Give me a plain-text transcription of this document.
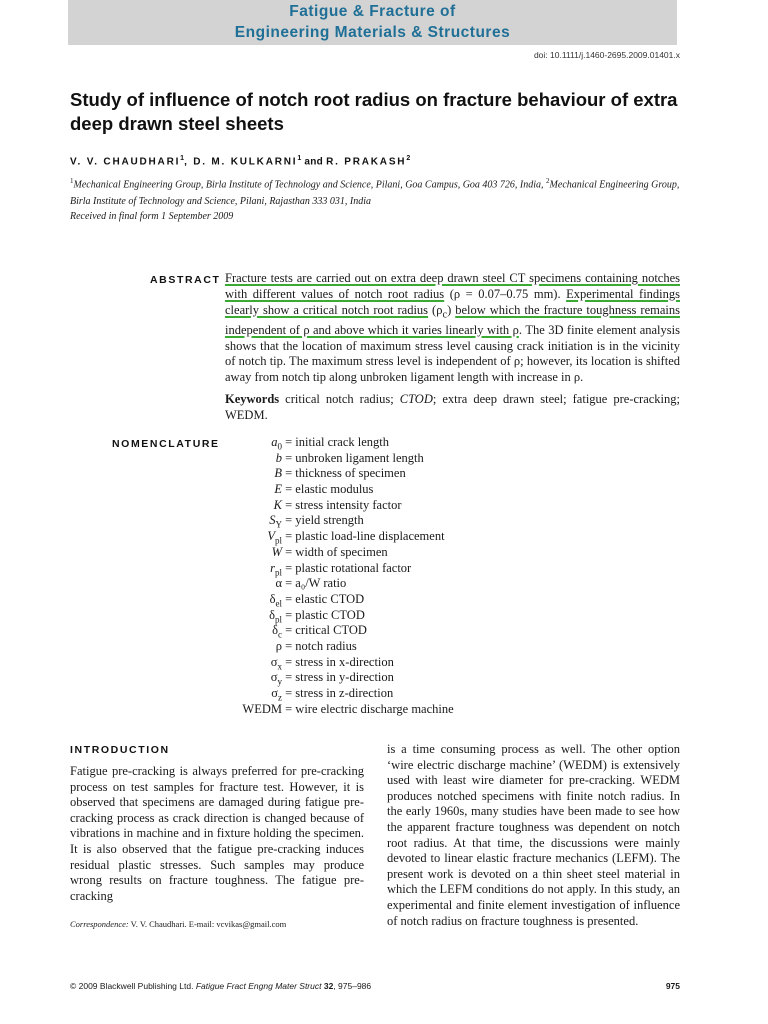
Fatigue & Fracture of
Engineering Materials & Structures
doi: 10.1111/j.1460-2695.2009.01401.x
Study of influence of notch root radius on fracture behaviour of extra deep drawn steel sheets
V. V. CHAUDHARI$^1$, D. M. KULKARNI$^1$ and R. PRAKASH$^2$
$^1$Mechanical Engineering Group, Birla Institute of Technology and Science, Pilani, Goa Campus, Goa 403 726, India, $^2$Mechanical Engineering Group, Birla Institute of Technology and Science, Pilani, Rajasthan 333 031, India
Received in final form 1 September 2009
ABSTRACT Fracture tests are carried out on extra deep drawn steel CT specimens containing notches with different values of notch root radius (ρ = 0.07–0.75 mm). Experimental findings clearly show a critical notch root radius $(\rho_c)$ below which the fracture toughness remains independent of ρ and above which it varies linearly with ρ. The 3D finite element analysis shows that the location of maximum stress level causing crack initiation is in the vicinity of notch tip. The maximum stress level is independent of ρ; however, its location is shifted away from notch tip along unbroken ligament length with increase in ρ.
Keywords critical notch radius; CTOD; extra deep drawn steel; fatigue pre-cracking; WEDM.
NOMENCLATURE	$a_0$ = initial crack length
b = unbroken ligament length
B = thickness of specimen
E = elastic modulus
K = stress intensity factor
$S_Y$ = yield strength
$V_{pl}$ = plastic load-line displacement
W = width of specimen
$r_{pl}$ = plastic rotational factor
α = a₀/W ratio
$\delta_{el}$ = elastic CTOD
$\delta_{pl}$ = plastic CTOD
$\delta_c$ = critical CTOD
ρ = notch radius
$\sigma_x$ = stress in x-direction
$\sigma_y$ = stress in y-direction
$\sigma_z$ = stress in z-direction
WEDM = wire electric discharge machine
INTRODUCTION
Fatigue pre-cracking is always preferred for pre-cracking process on test samples for fracture test. However, it is observed that specimens are damaged during fatigue pre-cracking process as crack direction is changed because of vibrations in machine and in fixture holding the specimen. It is also observed that the fatigue pre-cracking induces residual plastic stresses. Such samples may produce wrong results on fracture toughness. The fatigue pre-cracking
is a time consuming process as well. The other option ‘wire electric discharge machine’ (WEDM) is extensively used with least wire diameter for pre-cracking. WEDM produces notched specimens with finite notch radius. In the early 1960s, many studies have been made to see how the apparent fracture toughness was dependent on notch root radius. At that time, the discussions were mainly devoted to linear elastic fracture mechanics (LEFM). The present work is devoted on a thin sheet steel material in which the LEFM conditions do not apply. In this study, an experimental and finite element investigation of influence of notch radius on fracture toughness is presented.
Correspondence: V. V. Chaudhari. E-mail: vcvikas@gmail.com
© 2009 Blackwell Publishing Ltd. Fatigue Fract Engng Mater Struct 32, 975–986	975
